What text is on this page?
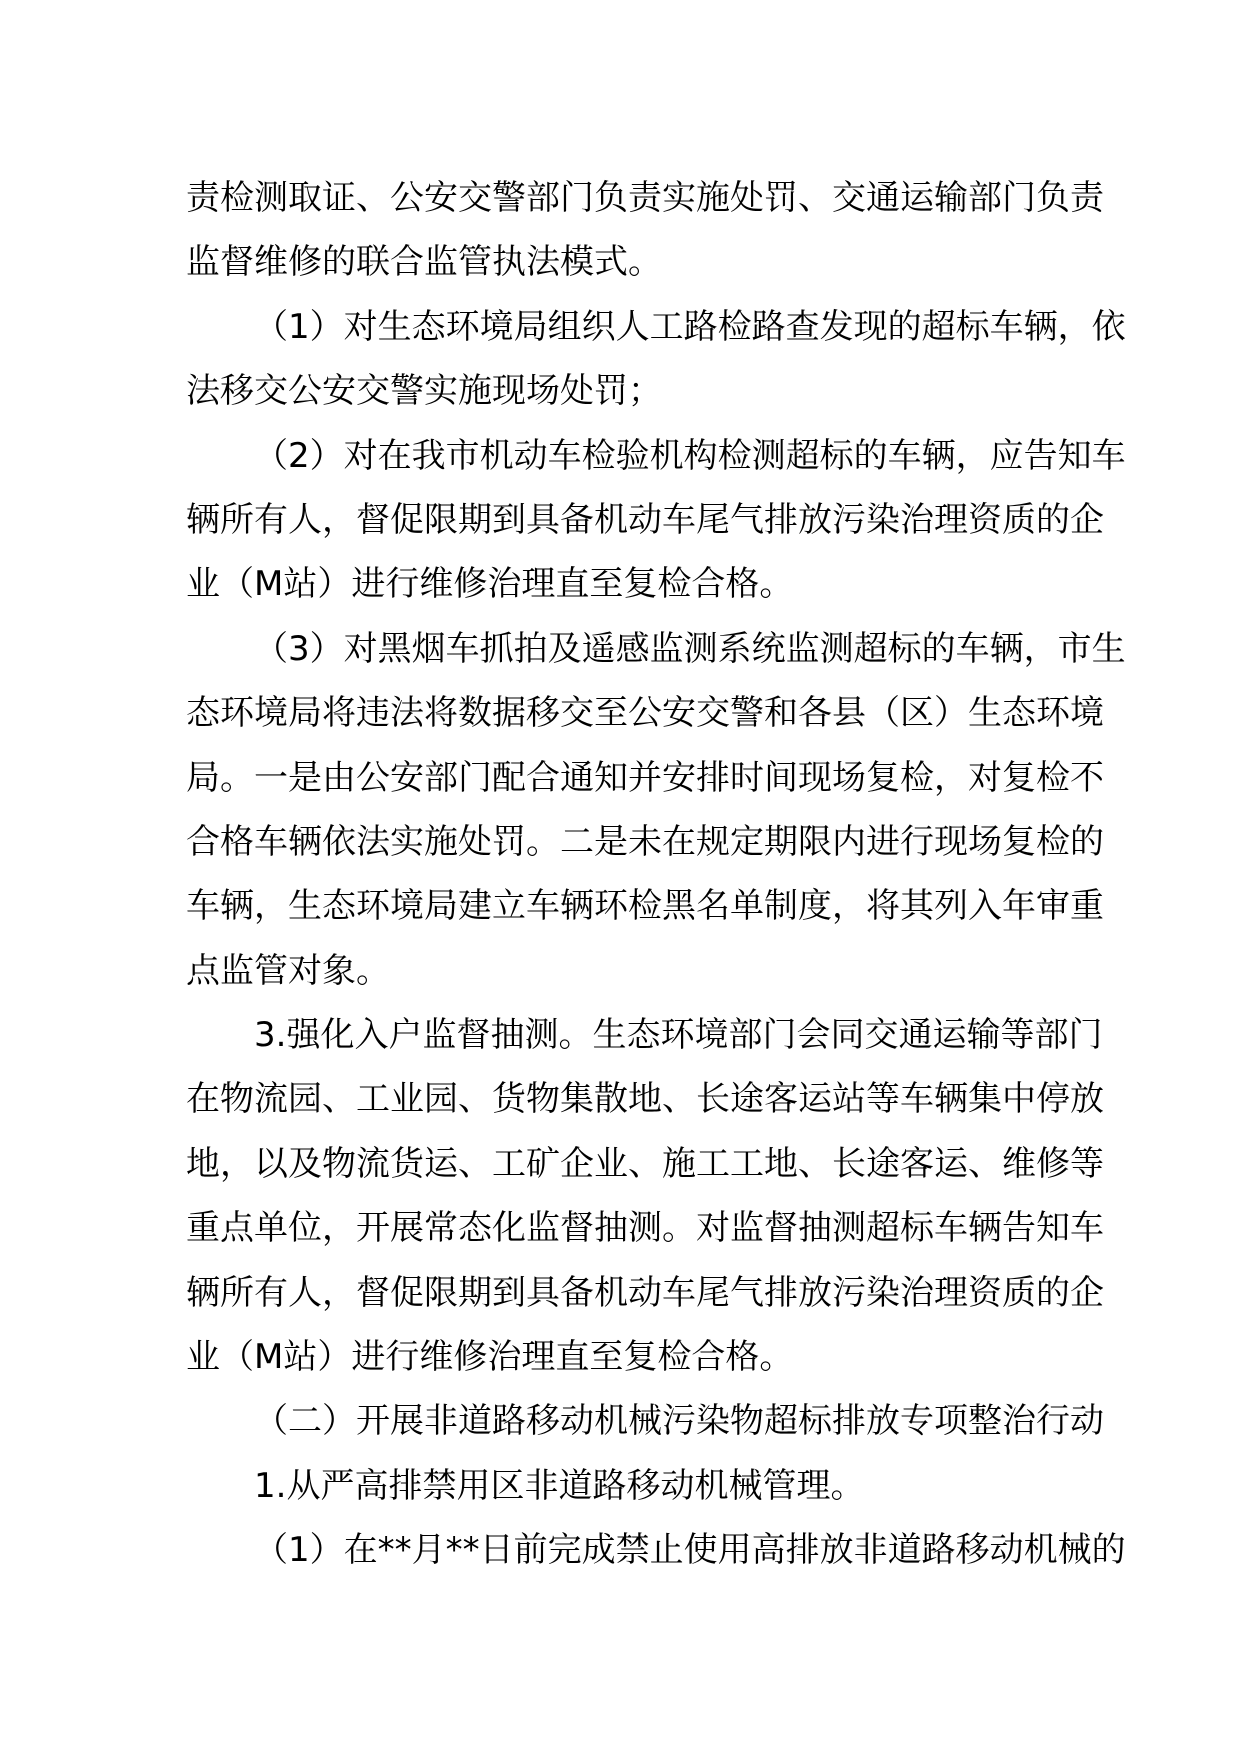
责检测取证、公安交警部门负责实施处罚、交通运输部门负责
监督维修的联合监管执法模式。
（1）对生态环境局组织人工路检路查发现的超标车辆，依
法移交公安交警实施现场处罚；
（2）对在我市机动车检验机构检测超标的车辆，应告知车
辆所有人，督促限期到具备机动车尾气排放污染治理资质的企
业（M站）进行维修治理直至复检合格。
（3）对黑烟车抓拍及遥感监测系统监测超标的车辆，市生
态环境局将违法将数据移交至公安交警和各县（区）生态环境
局。一是由公安部门配合通知并安排时间现场复检，对复检不
合格车辆依法实施处罚。二是未在规定期限内进行现场复检的
车辆，生态环境局建立车辆环检黑名单制度，将其列入年审重
点监管对象。
3.强化入户监督抽测。生态环境部门会同交通运输等部门
在物流园、工业园、货物集散地、长途客运站等车辆集中停放
地，以及物流货运、工矿企业、施工工地、长途客运、维修等
重点单位，开展常态化监督抽测。对监督抽测超标车辆告知车
辆所有人，督促限期到具备机动车尾气排放污染治理资质的企
业（M站）进行维修治理直至复检合格。
（二）开展非道路移动机械污染物超标排放专项整治行动
1.从严高排禁用区非道路移动机械管理。
（1）在**月**日前完成禁止使用高排放非道路移动机械的
